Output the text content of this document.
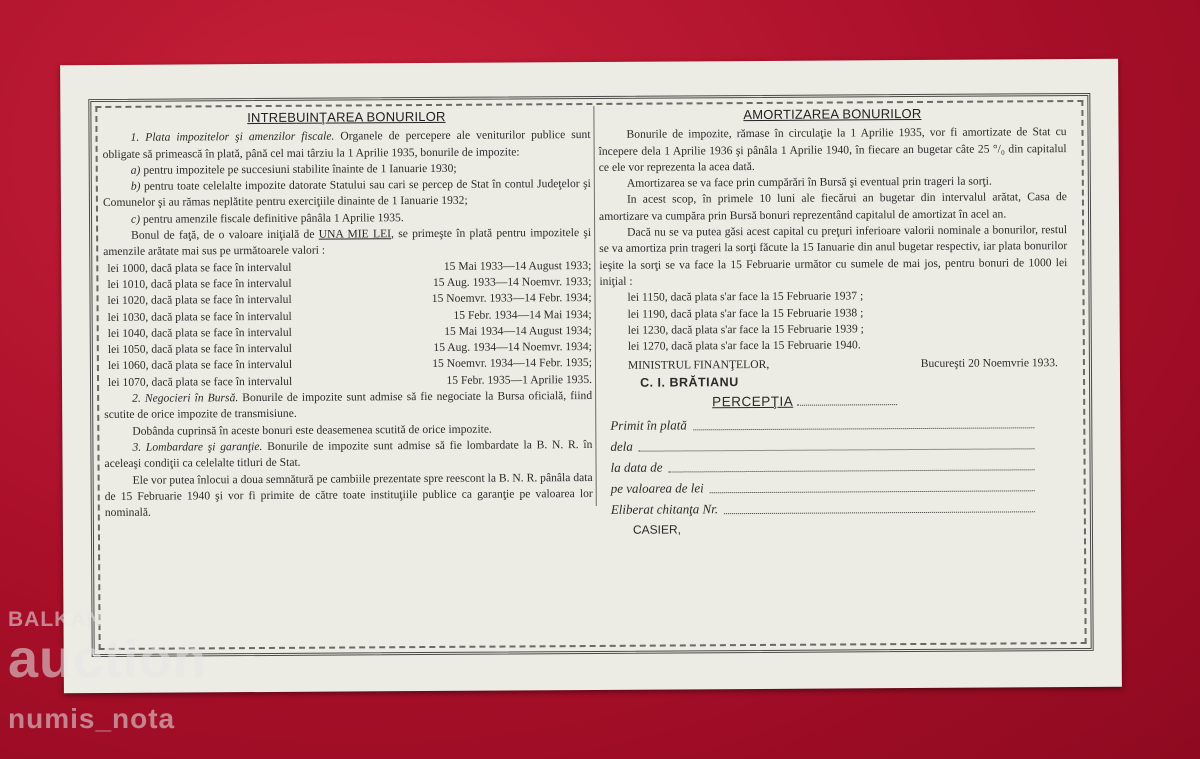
INTREBUINŢAREA BONURILOR

1. Plata impozitelor şi amenzilor fiscale. Organele de percepere ale veniturilor publice sunt obligate să primească în plată, până cel mai târziu la 1 Aprilie 1935, bonurile de impozite:

a) pentru impozitele pe succesiuni stabilite înainte de 1 Ianuarie 1930;

b) pentru toate celelalte impozite datorate Statului sau cari se percep de Stat în contul Judeţelor şi Comunelor şi au rămas neplătite pentru exerciţiile dinainte de 1 Ianuarie 1932;

c) pentru amenzile fiscale definitive pânâla 1 Aprilie 1935.

Bonul de faţă, de o valoare iniţială de UNA MIE LEI, se primeşte în plată pentru impozitele şi amenzile arătate mai sus pe următoarele valori :

lei 1000, dacă plata se face în intervalul	15 Mai 1933—14 August 1933;
lei 1010, dacă plata se face în intervalul	15 Aug. 1933—14 Noemvr. 1933;
lei 1020, dacă plata se face în intervalul	15 Noemvr. 1933—14 Febr. 1934;
lei 1030, dacă plata se face în intervalul	15 Febr. 1934—14 Mai 1934;
lei 1040, dacă plata se face în intervalul	15 Mai 1934—14 August 1934;
lei 1050, dacă plata se face în intervalul	15 Aug. 1934—14 Noemvr. 1934;
lei 1060, dacă plata se face în intervalul	15 Noemvr. 1934—14 Febr. 1935;
lei 1070, dacă plata se face în intervalul	15 Febr. 1935—1 Aprilie 1935.

2. Negocieri în Bursă. Bonurile de impozite sunt admise să fie negociate la Bursa oficială, fiind scutite de orice impozite de transmisiune.

Dobânda cuprinsă în aceste bonuri este deasemenea scutită de orice impozite.

3. Lombardare şi garanţie. Bonurile de impozite sunt admise să fie lombardate la B. N. R. în aceleaşi condiţii ca celelalte titluri de Stat.

Ele vor putea înlocui a doua semnătură pe cambiile prezentate spre reescont la B. N. R. pânâla data de 15 Februarie 1940 şi vor fi primite de către toate instituţiile publice ca garanţie pe valoarea lor nominală.

AMORTIZAREA BONURILOR

Bonurile de impozite, rămase în circulaţie la 1 Aprilie 1935, vor fi amortizate de Stat cu începere dela 1 Aprilie 1936 şi pânâla 1 Aprilie 1940, în fiecare an bugetar câte 25 °/₀ din capitalul ce ele vor reprezenta la acea dată.

Amortizarea se va face prin cumpărări în Bursă şi eventual prin trageri la sorţi.

In acest scop, în primele 10 luni ale fiecărui an bugetar din intervalul arătat, Casa de amortizare va cumpăra prin Bursă bonuri reprezentând capitalul de amortizat în acel an.

Dacă nu se va putea găsi acest capital cu preţuri inferioare valorii nominale a bonurilor, restul se va amortiza prin trageri la sorţi făcute la 15 Ianuarie din anul bugetar respectiv, iar plata bonurilor ieşite la sorţi se va face la 15 Februarie următor cu sumele de mai jos, pentru bonuri de 1000 lei iniţial :

lei 1150, dacă plata s'ar face la 15 Februarie 1937 ;
lei 1190, dacă plata s'ar face la 15 Februarie 1938 ;
lei 1230, dacă plata s'ar face la 15 Februarie 1939 ;
lei 1270, dacă plata s'ar face la 15 Februarie 1940.
MINISTRUL FINANŢELOR,	Bucureşti 20 Noemvrie 1933.
C. I. BRĂTIANU
PERCEPŢIA
Primit în plată
dela
la data de
pe valoarea de lei
Eliberat chitanţa Nr.
CASIER,
BALKAN
auction
numis_nota
